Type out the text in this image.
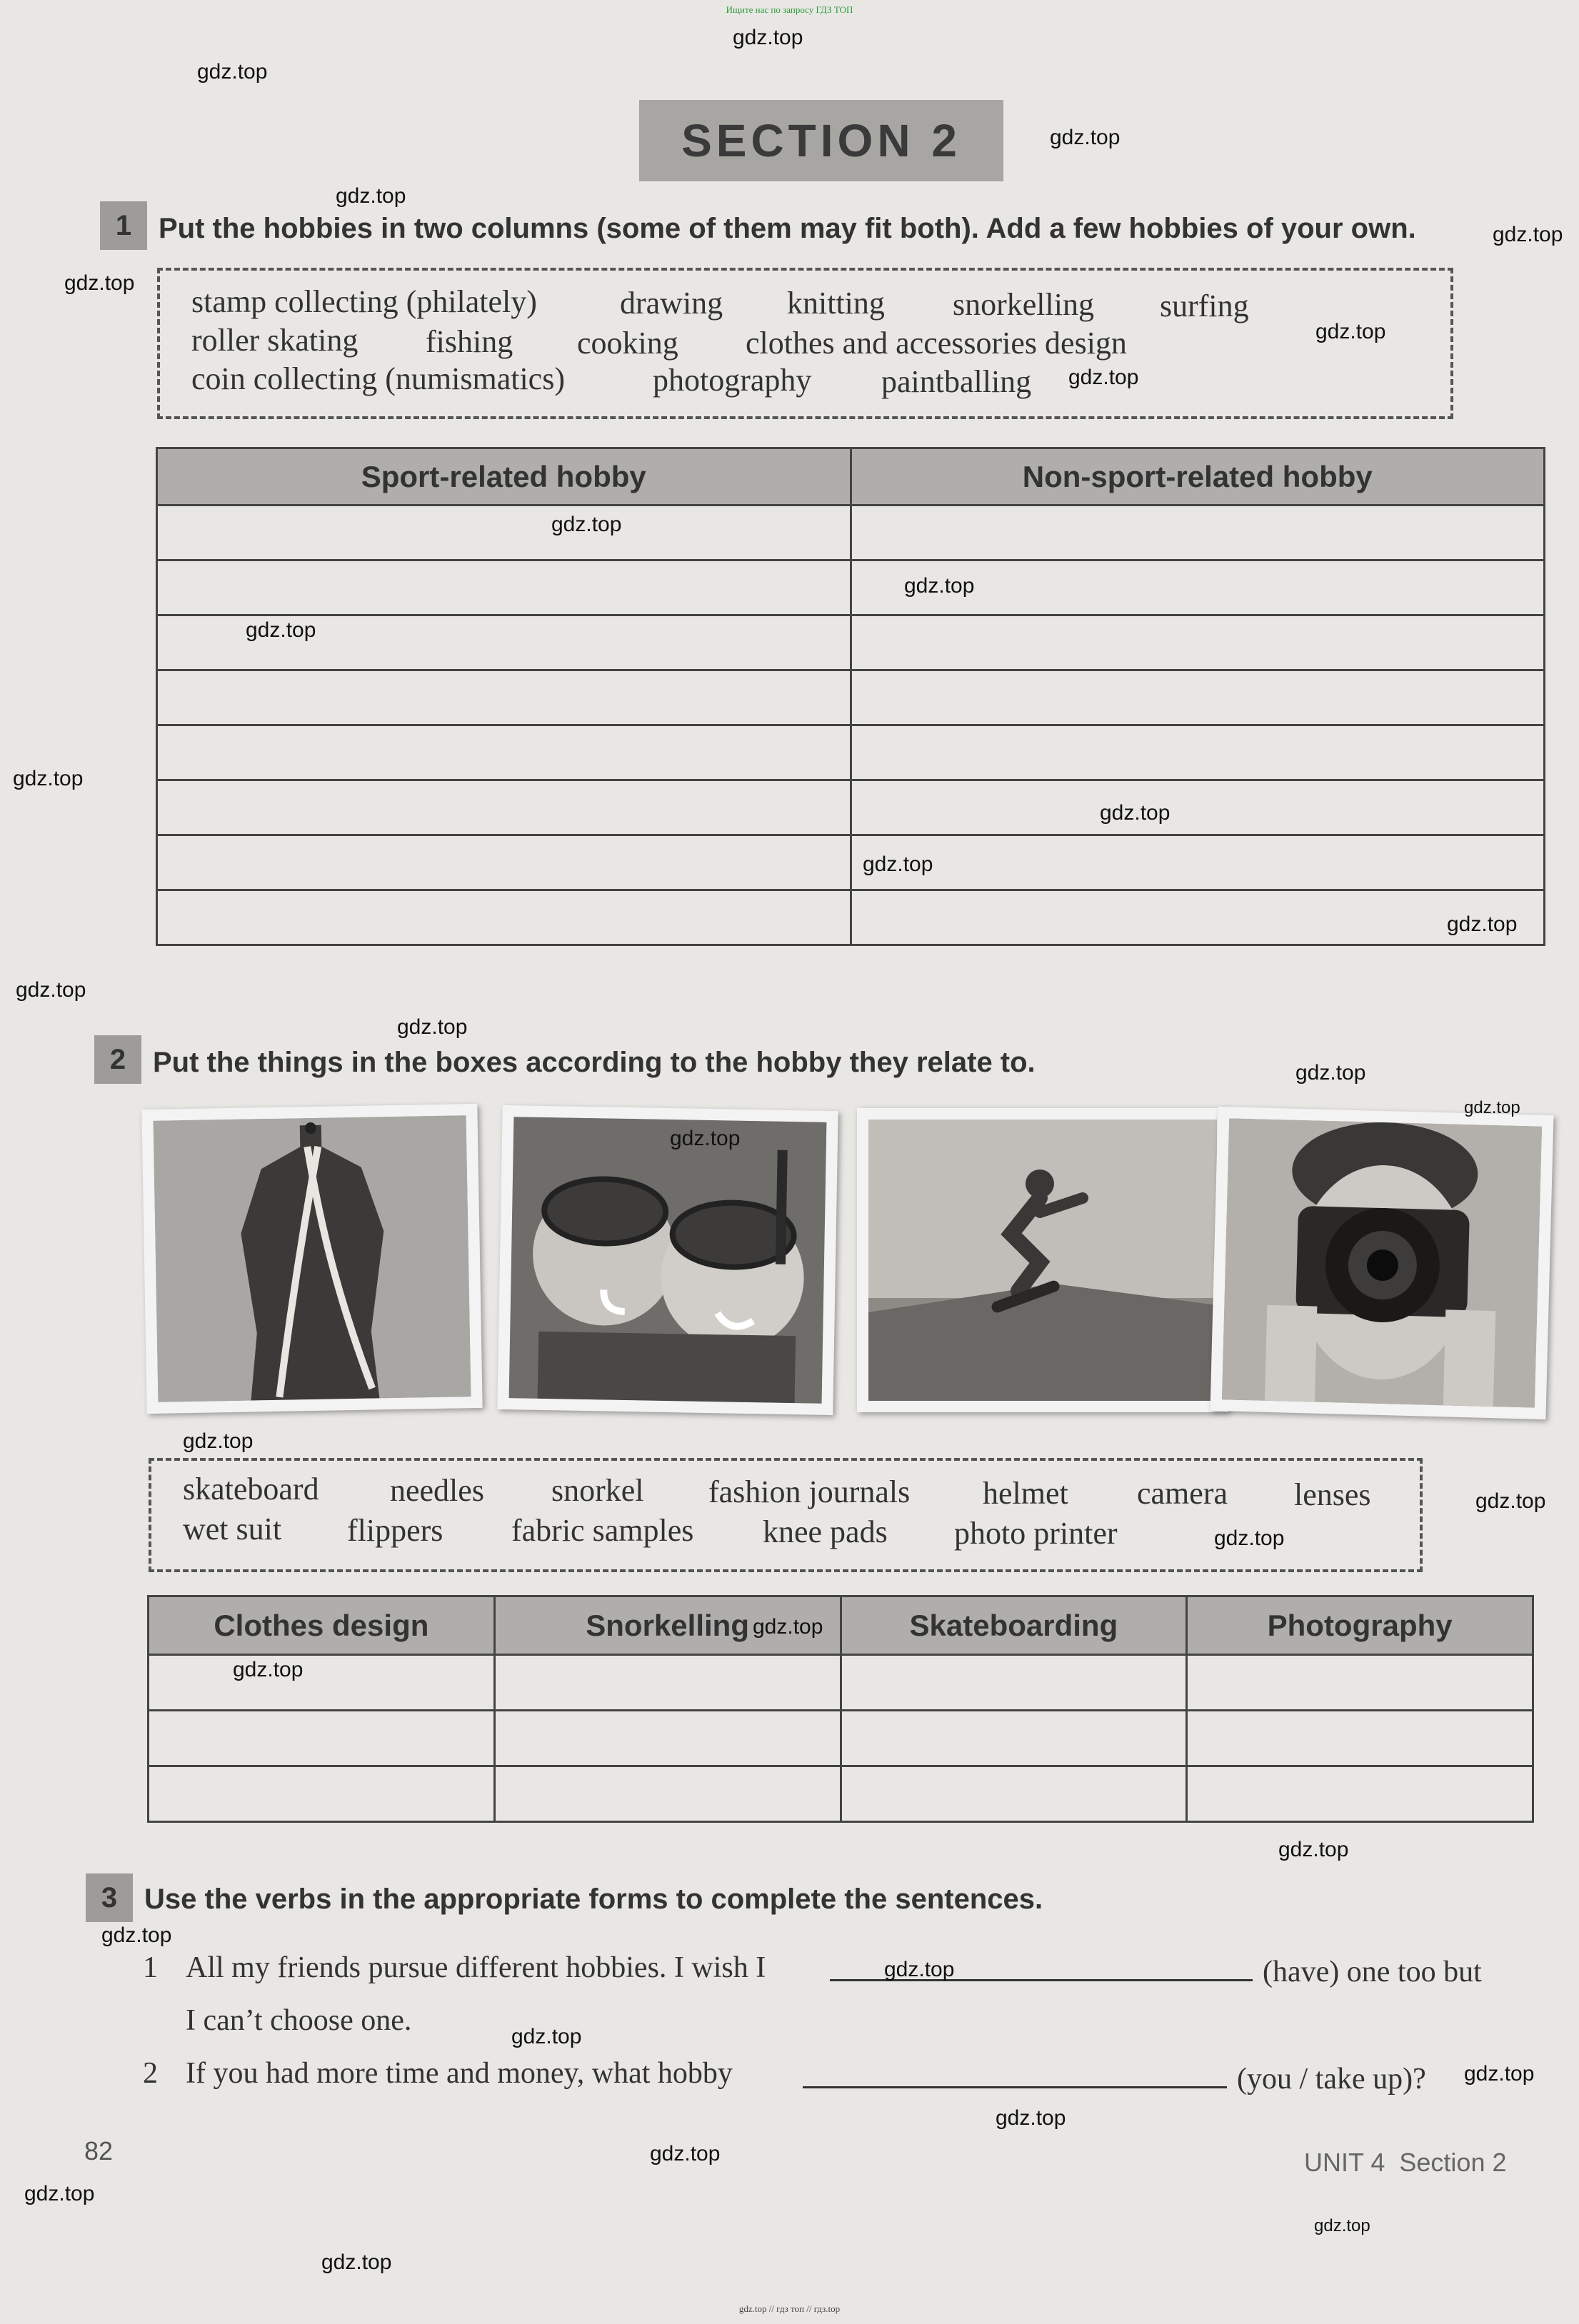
Ищите нас по запросу ГДЗ ТОП
SECTION 2
1 Put the hobbies in two columns (some of them may fit both). Add a few hobbies of your own.
stamp collecting (philately)	drawing knitting snorkelling surfing
roller skating fishing cooking clothes and accessories design
coin collecting (numismatics)	photography paintballing
Sport-related hobby	Non-sport-related hobby

2 Put the things in the boxes according to the hobby they relate to.
skateboard needles snorkel fashion journals helmet camera lenses
wet suit flippers fabric samples knee pads photo printer
Clothes design	Snorkelling	Skateboarding	Photography

3 Use the verbs in the appropriate forms to complete the sentences.
1 All my friends pursue different hobbies. I wish I	(have) one too but
I can’t choose one.
2 If you had more time and money, what hobby	(you / take up)?
82	UNIT 4 Section 2
gdz.top
gdz.top
gdz.top
gdz.top
gdz.top
gdz.top
gdz.top
gdz.top
gdz.top
gdz.top
gdz.top
gdz.top
gdz.top
gdz.top
gdz.top
gdz.top
gdz.top
gdz.top
gdz.top
gdz.top
gdz.top
gdz.top
gdz.top
gdz.top
gdz.top
gdz.top
gdz.top
gdz.top
gdz.top
gdz.top
gdz.top
gdz.top
gdz.top
gdz.top
gdz.top
gdz.top // гдз топ // гдз.top
